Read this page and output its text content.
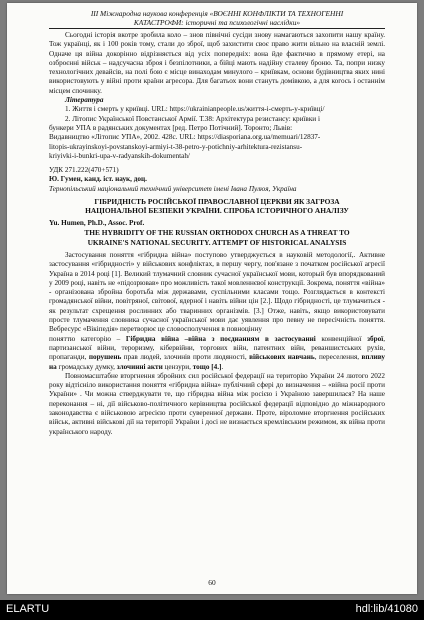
ІІІ Міжнародна наукова конференція «ВОЄННІ КОНФЛІКТИ ТА ТЕХНОГЕННІ
КАТАСТРОФИ: історичні та психологічні наслідки»

Сьогодні історія вкотре зробила коло – знов північні сусіди знову намагаються захопити нашу країну. Тож українці, як і 100 років тому, стали до зброї, щоб захистити своє право жити вільно на власній землі. Одначе ця війна докорінно відрізняється від усіх попередніх: вона йде фактично в прямому етері, на озброєнні військ – надсучасна зброя і безпілотники, а бійці мають надійну сталеву броню. Та, попри низку технологічних девайсів, на полі бою є місце винаходам минулого – криївкам, основи будівництва яких нині використовують у війні проти країни агресора. Для багатьох вони стануть домівкою, а для когось і останнім місцем спочинку.

Література

1. Життя і смерть у криївці. URL: https://ukrainianpeople.us/життя-і-смерть-у-криївці/

2. Літопис Української Повстанської Армії. Т.38: Архітектура резистансу: криївки і

бункери УПА в радянських документах [ред. Петро Потічний]. Торонто; Львів:

Видавництво «Літопис УПА», 2002. 428с. URL: https://diasporiana.org.ua/memuari/12837-

litopis-ukrayinskoyi-povstanskoyi-armiyi-t-38-petro-y-potichniy-arhitektura-rezistansu-

kriyivki-i-bunkri-upa-v-radyanskih-dokumentah/

УДК 271.222(470+571)

Ю. Гумен, канд. іст. наук, доц.

Тернопільський національний технічний університет імені Івана Пулюя, Україна

ГІБРИДНІСТЬ РОСІЙСЬКОЇ ПРАВОСЛАВНОЇ ЦЕРКВИ ЯК ЗАГРОЗА
НАЦІОНАЛЬНОЇ БЕЗПЕКИ УКРАЇНИ. СПРОБА ІСТОРИЧНОГО АНАЛІЗУ

Yu. Humen, Ph.D., Assoc. Prof.

THE HYBRIDITY OF THE RUSSIAN ORTHODOX CHURCH AS A THREAT TO
UKRAINE'S NATIONAL SECURITY. ATTEMPT OF HISTORICAL ANALYSIS

Застосування поняття «гібридна війна» поступово утверджується в науковій методології,. Активне застосування «гібридності» у військових конфліктах, в першу чергу, пов'язане з початком російської агресії Україна в 2014 році [1]. Великий тлумачний словник сучасної української мови, который був впорядкований у 2009 році, навіть не «підозрював» про можливість такої мовленнєвої конструкції. Зокрема, поняття «війна» - організована збройна боротьба між державами, суспільними класами тощо. Розглядається в контексті громадянської війни, повітряної, світової, ядерної і навіть війни цін [2.]. Щодо гібридності, це тлумачиться - як результат схрещення рослинних або тваринних організмів. [3.] Отже, навіть, якщо використовувати просте тлумачення словника сучасної української мови дає уявлення про певну не пересічність поняття. Вебресурс «Вікіпедія» перетворює це словосполучення в повноцінну

поняттю категорію – Гібридна війна –війна з поєднанням в застосуванні конвенційної зброї, партизанської війни, тероризму, кібервійни, торгових війн, патентних війн, реваншистських рухів, пропаганди, порушень прав людей, злочинів проти людяності, військових навчань, переселення, впливу на громадську думку, злочинні акти цензури, тощо [4.].

Повномасштабне вторгнення збройних сил російської федерації на територію України 24 лютого 2022 року відтісніло використання поняття «гібридна війна» публічний сфері до визначення – «війна росії проти України» . Чи можна стверджувати те, що гібридна війна між росією і Україною завершилася? На наше переконання – ні, дії військово-політичного керівництва російської федерації відповідно до міжнародного законодавства є військовою агресією проти суверенної держави. Проте, віроломне вторгнення російських військ, активні військові дії на території України і досі не визнається кремлівським режимом, як війна проти українського народу.

60
ELARTU	hdl:lib/41080
